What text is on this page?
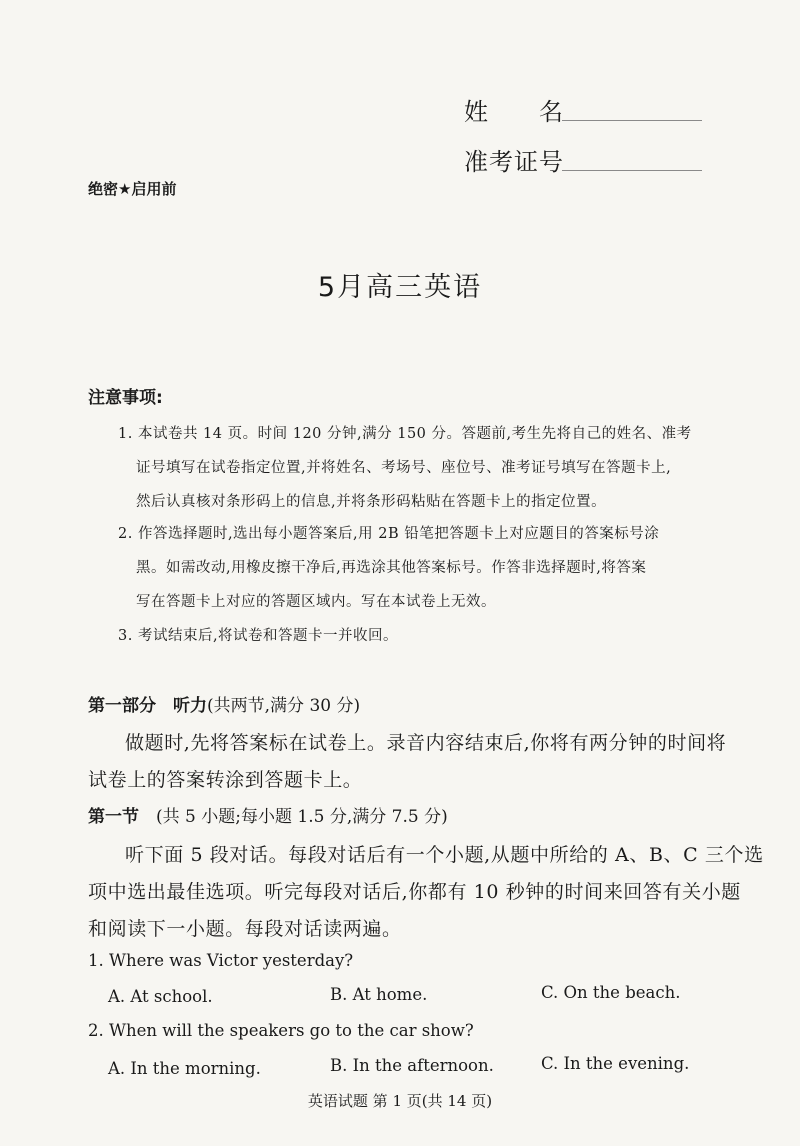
姓　　名
准考证号
绝密★启用前
5月高三英语
注意事项:
1. 本试卷共 14 页。时间 120 分钟,满分 150 分。答题前,考生先将自己的姓名、准考
证号填写在试卷指定位置,并将姓名、考场号、座位号、准考证号填写在答题卡上,
然后认真核对条形码上的信息,并将条形码粘贴在答题卡上的指定位置。
2. 作答选择题时,选出每小题答案后,用 2B 铅笔把答题卡上对应题目的答案标号涂
黑。如需改动,用橡皮擦干净后,再选涂其他答案标号。作答非选择题时,将答案
写在答题卡上对应的答题区域内。写在本试卷上无效。
3. 考试结束后,将试卷和答题卡一并收回。
第一部分　听力(共两节,满分 30 分)
做题时,先将答案标在试卷上。录音内容结束后,你将有两分钟的时间将
试卷上的答案转涂到答题卡上。
第一节　 (共 5 小题;每小题 1.5 分,满分 7.5 分)
听下面 5 段对话。每段对话后有一个小题,从题中所给的 A、B、C 三个选
项中选出最佳选项。听完每段对话后,你都有 10 秒钟的时间来回答有关小题
和阅读下一小题。每段对话读两遍。
1. Where was Victor yesterday?
A. At school.	B. At home.	C. On the beach.
2. When will the speakers go to the car show?
A. In the morning.	B. In the afternoon.	C. In the evening.
英语试题 第 1 页(共 14 页)
